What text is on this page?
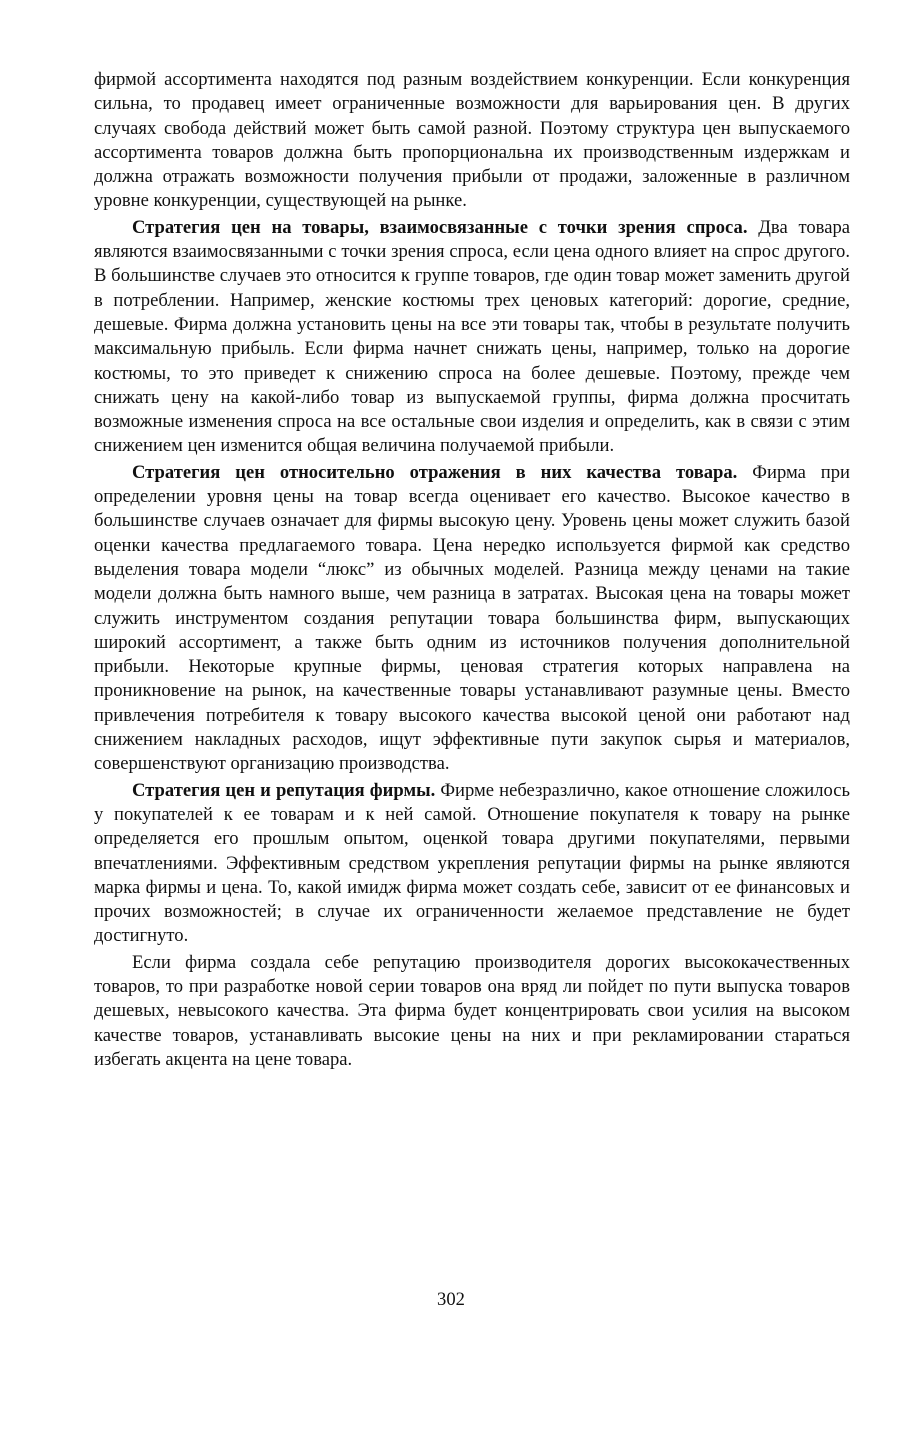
фирмой ассортимента находятся под разным воздействием конкуренции. Если конкуренция сильна, то продавец имеет ограниченные возможности для варьирования цен. В других случаях свобода действий может быть самой разной. Поэтому структура цен выпускаемого ассортимента товаров должна быть пропорциональна их производственным издержкам и должна отражать возможности получения прибыли от продажи, заложенные в различном уровне конкуренции, существующей на рынке.

Стратегия цен на товары, взаимосвязанные с точки зрения спроса. Два товара являются взаимосвязанными с точки зрения спроса, если цена одного влияет на спрос другого. В большинстве случаев это относится к группе товаров, где один товар может заменить другой в потреблении. Например, женские костюмы трех ценовых категорий: дорогие, средние, дешевые. Фирма должна установить цены на все эти товары так, чтобы в результате получить максимальную прибыль. Если фирма начнет снижать цены, например, только на дорогие костюмы, то это приведет к снижению спроса на более дешевые. Поэтому, прежде чем снижать цену на какой-либо товар из выпускаемой группы, фирма должна просчитать возможные изменения спроса на все остальные свои изделия и определить, как в связи с этим снижением цен изменится общая величина получаемой прибыли.

Стратегия цен относительно отражения в них качества товара. Фирма при определении уровня цены на товар всегда оценивает его качество. Высокое качество в большинстве случаев означает для фирмы высокую цену. Уровень цены может служить базой оценки качества предлагаемого товара. Цена нередко используется фирмой как средство выделения товара модели “люкс” из обычных моделей. Разница между ценами на такие модели должна быть намного выше, чем разница в затратах. Высокая цена на товары может служить инструментом создания репутации товара большинства фирм, выпускающих широкий ассортимент, а также быть одним из источников получения дополнительной прибыли. Некоторые крупные фирмы, ценовая стратегия которых направлена на проникновение на рынок, на качественные товары устанавливают разумные цены. Вместо привлечения потребителя к товару высокого качества высокой ценой они работают над снижением накладных расходов, ищут эффективные пути закупок сырья и материалов, совершенствуют организацию производства.

Стратегия цен и репутация фирмы. Фирме небезразлично, какое отношение сложилось у покупателей к ее товарам и к ней самой. Отношение покупателя к товару на рынке определяется его прошлым опытом, оценкой товара другими покупателями, первыми впечатлениями. Эффективным средством укрепления репутации фирмы на рынке являются марка фирмы и цена. То, какой имидж фирма может создать себе, зависит от ее финансовых и прочих возможностей; в случае их ограниченности желаемое представление не будет достигнуто.

Если фирма создала себе репутацию производителя дорогих высококачественных товаров, то при разработке новой серии товаров она вряд ли пойдет по пути выпуска товаров дешевых, невысокого качества. Эта фирма будет концентрировать свои усилия на высоком качестве товаров, устанавливать высокие цены на них и при рекламировании стараться избегать акцента на цене товара.

302
